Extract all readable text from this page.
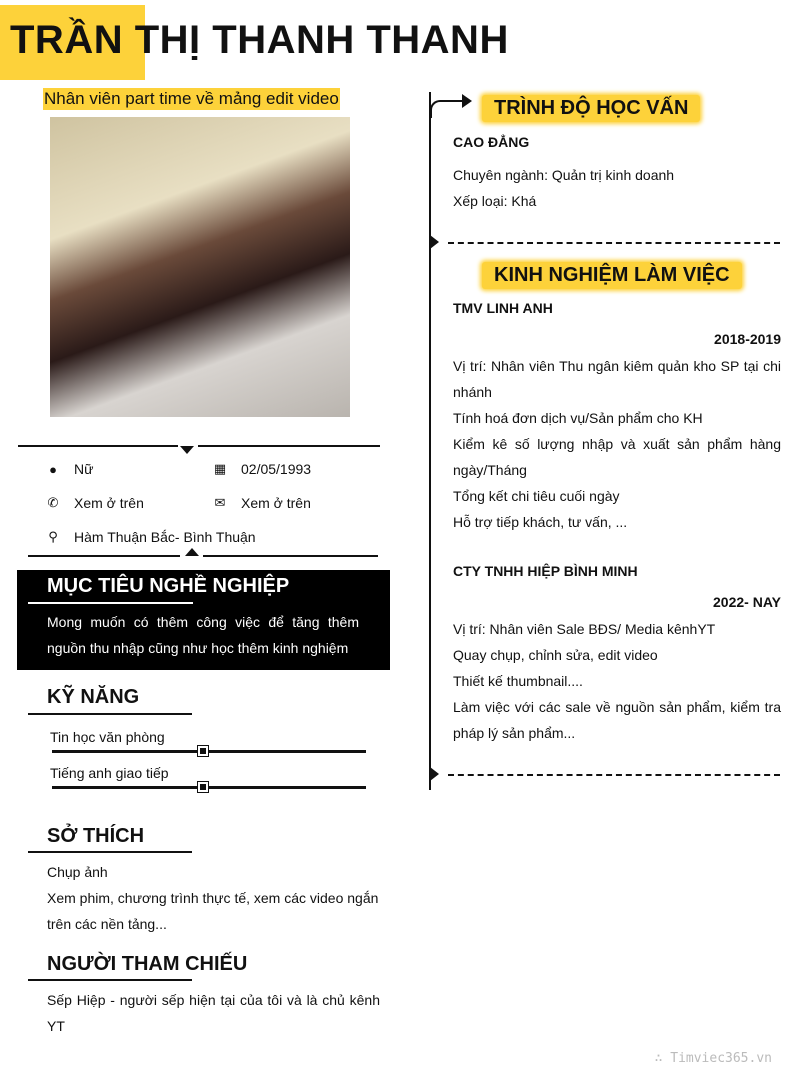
TRẦN THỊ THANH THANH
Nhân viên part time về mảng edit video
● Nữ	▦ 02/05/1993
✆ Xem ở trên	✉ Xem ở trên
⚲ Hàm Thuận Bắc- Bình Thuận
MỤC TIÊU NGHỀ NGHIỆP
Mong muốn có thêm công việc để tăng thêm nguồn thu nhập cũng như học thêm kinh nghiệm
KỸ NĂNG
Tin học văn phòng
Tiếng anh giao tiếp
SỞ THÍCH
Chụp ảnh
Xem phim, chương trình thực tế, xem các video ngắn trên các nền tảng...
NGƯỜI THAM CHIẾU
Sếp Hiệp - người sếp hiện tại của tôi và là chủ kênh YT
TRÌNH ĐỘ HỌC VẤN
CAO ĐẲNG
Chuyên ngành: Quản trị kinh doanh
Xếp loại: Khá
KINH NGHIỆM LÀM VIỆC
TMV LINH ANH
2018-2019
Vị trí: Nhân viên Thu ngân kiêm quản kho SP tại chi nhánh
Tính hoá đơn dịch vụ/Sản phẩm cho KH
Kiểm kê số lượng nhập và xuất sản phẩm hàng ngày/Tháng
Tổng kết chi tiêu cuối ngày
Hỗ trợ tiếp khách, tư vấn, ...
CTY TNHH HIỆP BÌNH MINH
2022- NAY
Vị trí: Nhân viên Sale BĐS/ Media kênhYT
Quay chụp, chỉnh sửa, edit video
Thiết kế thumbnail....
Làm việc với các sale về nguồn sản phẩm, kiểm tra pháp lý sản phẩm...
∴ Timviec365.vn
